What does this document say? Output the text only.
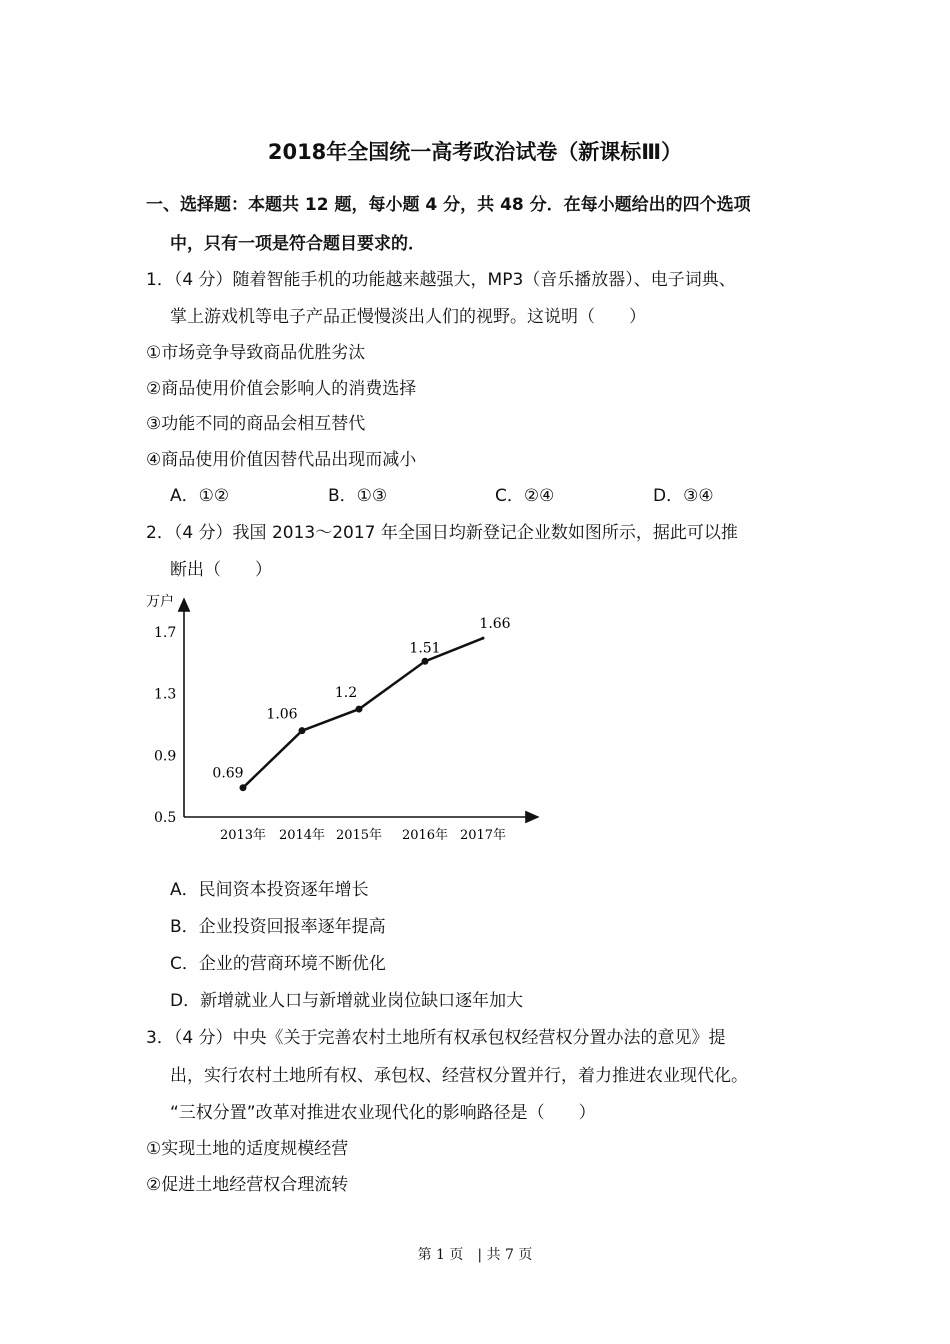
2018年全国统一高考政治试卷（新课标Ⅲ）
一、选择题：本题共 12 题，每小题 4 分，共 48 分．在每小题给出的四个选项
中，只有一项是符合题目要求的．
1．（4 分）随着智能手机的功能越来越强大，MP3（音乐播放器）、电子词典、
掌上游戏机等电子产品正慢慢淡出人们的视野。这说明（　　）
①市场竞争导致商品优胜劣汰
②商品使用价值会影响人的消费选择
③功能不同的商品会相互替代
④商品使用价值因替代品出现而减小
A．①②	B．①③	C．②④	D．③④
2．（4 分）我国 2013～2017 年全国日均新登记企业数如图所示，据此可以推
断出（　　）
万户
1.7
1.3
0.9
0.5
2013年 2014年 2015年 2016年 2017年
0.69
1.06
1.2
1.51
1.66
A．民间资本投资逐年增长
B．企业投资回报率逐年提高
C．企业的营商环境不断优化
D．新增就业人口与新增就业岗位缺口逐年加大
3．（4 分）中央《关于完善农村土地所有权承包权经营权分置办法的意见》提
出，实行农村土地所有权、承包权、经营权分置并行，着力推进农业现代化。
“三权分置”改革对推进农业现代化的影响路径是（　　）
①实现土地的适度规模经营
②促进土地经营权合理流转
第 1 页　| 共 7 页
